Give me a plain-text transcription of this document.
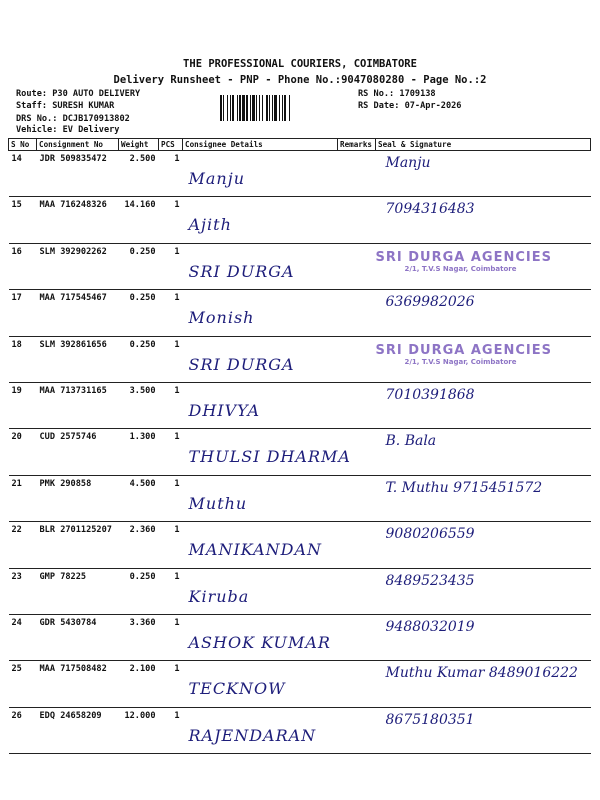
THE PROFESSIONAL COURIERS, COIMBATORE
Delivery Runsheet - PNP - Phone No.:9047080280 - Page No.:2
Route: P30 AUTO DELIVERY
Staff: SURESH KUMAR
DRS No.: DCJB170913802
Vehicle: EV Delivery
RS No.: 1709138
RS Date: 07-Apr-2026
S No	Consignment No	Weight	PCS	Consignee Details	Remarks	Seal & Signature
14	JDR 509835472	2.500	1	Manju		Manju

15	MAA 716248326	14.160	1	Ajith		7094316483

16	SLM 392902262	0.250	1	SRI DURGA		SRI DURGA AGENCIES
2/1, T.V.S Nagar, Coimbatore

17	MAA 717545467	0.250	1	Monish		6369982026

18	SLM 392861656	0.250	1	SRI DURGA		SRI DURGA AGENCIES
2/1, T.V.S Nagar, Coimbatore

19	MAA 713731165	3.500	1	DHIVYA		7010391868

20	CUD 2575746	1.300	1	THULSI DHARMA		B. Bala

21	PMK 290858	4.500	1	Muthu		T. Muthu 9715451572

22	BLR 2701125207	2.360	1	MANIKANDAN		9080206559

23	GMP 78225	0.250	1	Kiruba		8489523435

24	GDR 5430784	3.360	1	ASHOK KUMAR		9488032019

25	MAA 717508482	2.100	1	TECKNOW		Muthu Kumar 8489016222

26	EDQ 24658209	12.000	1	RAJENDARAN		8675180351
